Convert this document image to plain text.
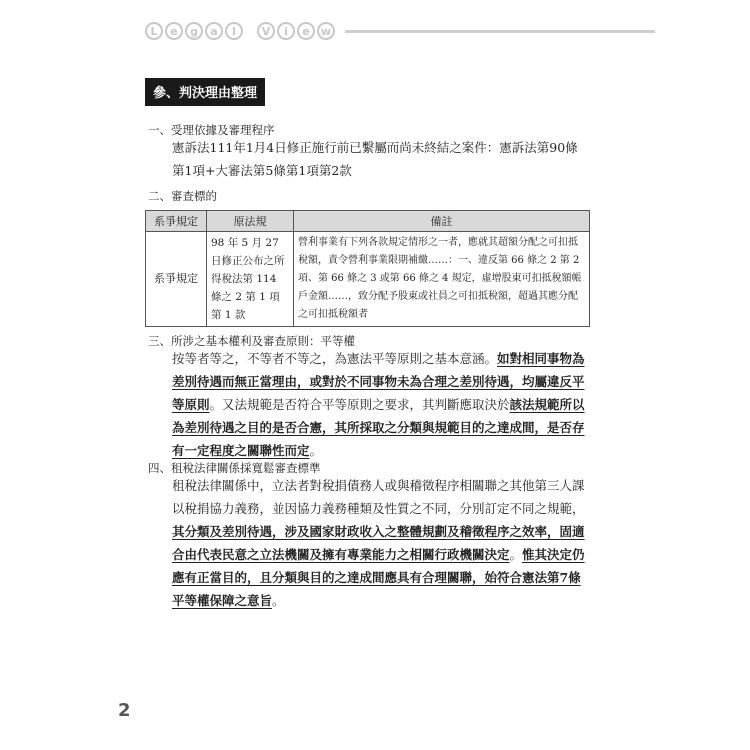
L	e	g	a	l	V	i	e	w
參、判決理由整理
一、受理依據及審理程序

憲訴法111年1月4日修正施行前已繫屬而尚未終結之案件：憲訴法第90條第1項+大審法第5條第1項第2款

二、審查標的
系爭規定	原法規	備註
系爭規定	98 年 5 月 27 日修正公布之所得稅法第 114 條之 2 第 1 項第 1 款	營利事業有下列各款規定情形之一者，應就其超額分配之可扣抵稅額，責令營利事業限期補繳……：一、違反第 66 條之 2 第 2 項、第 66 條之 3 或第 66 條之 4 規定，虛增股東可扣抵稅額帳戶金額……，致分配予股東或社員之可扣抵稅額，超過其應分配之可扣抵稅額者
三、所涉之基本權利及審查原則：平等權

按等者等之，不等者不等之，為憲法平等原則之基本意涵。如對相同事物為差別待遇而無正當理由，或對於不同事物未為合理之差別待遇，均屬違反平等原則。又法規範是否符合平等原則之要求，其判斷應取決於該法規範所以為差別待遇之目的是否合憲，其所採取之分類與規範目的之達成間，是否存有一定程度之關聯性而定。

四、租稅法律關係採寬鬆審查標準

租稅法律關係中，立法者對稅捐債務人或與稽徵程序相關聯之其他第三人課以稅捐協力義務，並因協力義務種類及性質之不同，分別訂定不同之規範，其分類及差別待遇，涉及國家財政收入之整體規劃及稽徵程序之效率，固適合由代表民意之立法機關及擁有專業能力之相關行政機關決定。惟其決定仍應有正當目的，且分類與目的之達成間應具有合理關聯，始符合憲法第7條平等權保障之意旨。

2
